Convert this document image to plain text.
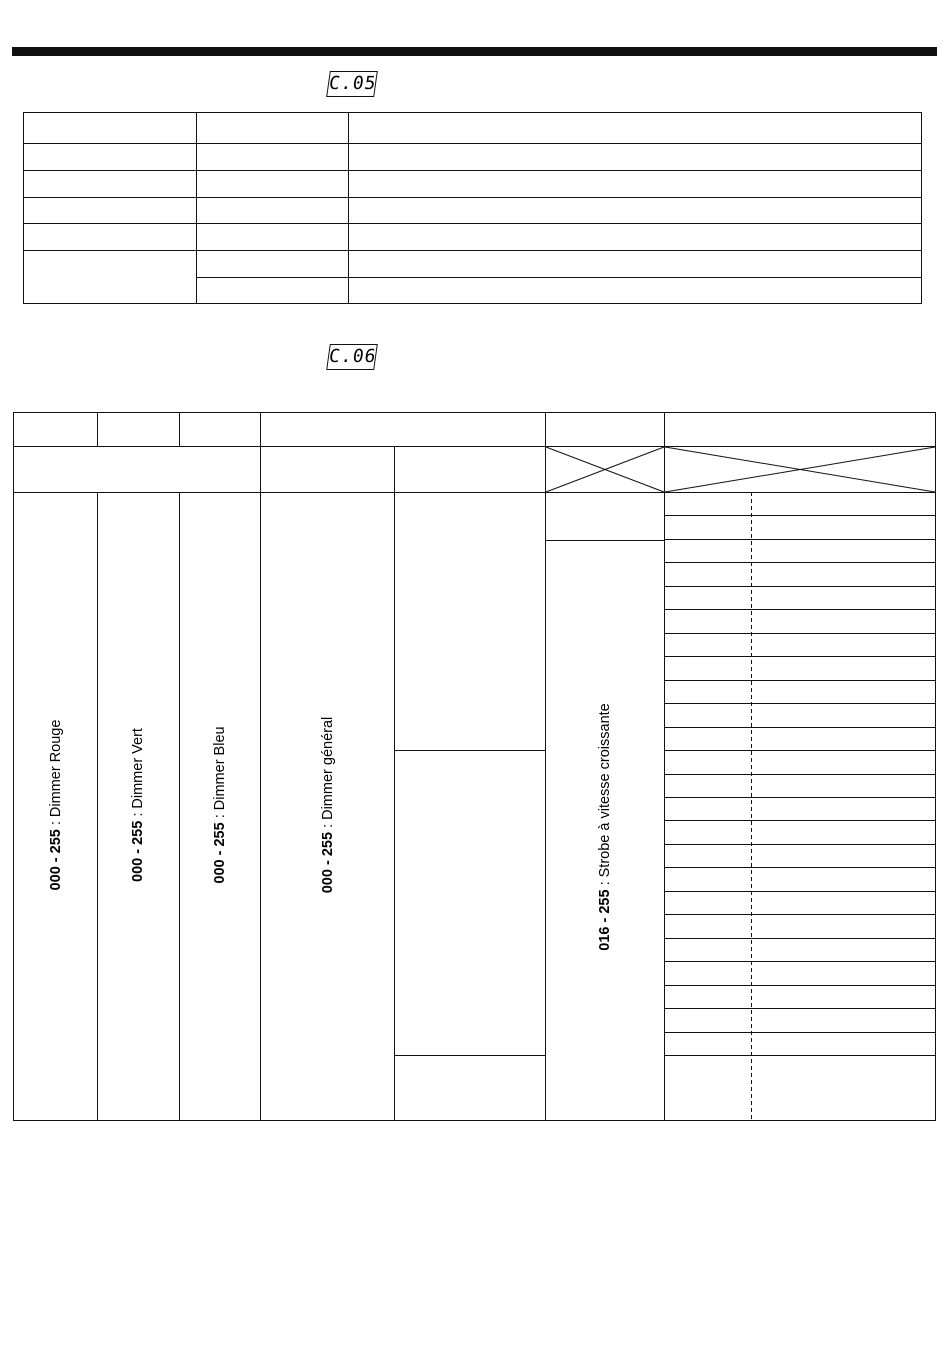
C.05
C.06
000 - 255 : Dimmer Rouge
000 - 255 : Dimmer Vert
000 - 255 : Dimmer Bleu
000 - 255 : Dimmer général
016 - 255 : Strobe à vitesse croissante
